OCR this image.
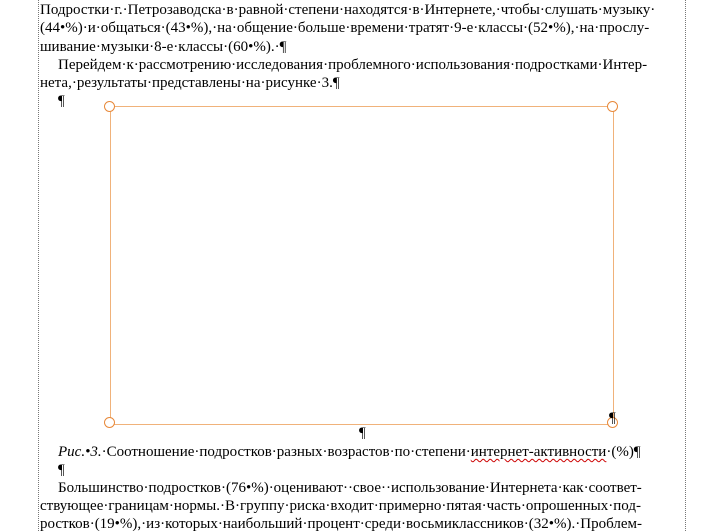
Подростки·г.·Петрозаводска·в·равной·степени·находятся·в·Интернете,·чтобы·слушать·музыку·
(44•%)·и·общаться·(43•%),·на·общение·больше·времени·тратят·9-е·классы·(52•%),·на·прослу-
шивание·музыки·8-е·классы·(60•%).·¶
Перейдем·к·рассмотрению·исследования·проблемного·использования·подростками·Интер-
нета,·результаты·представлены·на·рисунке·3.¶
¶
¶
¶
Рис.•3.·Соотношение·подростков·разных·возрастов·по·степени·интернет-активности·(%)¶
¶
Большинство·подростков·(76•%)·оценивают··свое··использование·Интернета·как·соответ-
ствующее·границам·нормы.·В·группу·риска·входит·примерно·пятая·часть·опрошенных·под-
ростков·(19•%),·из·которых·наибольший·процент·среди·восьмиклассников·(32•%).·Проблем-
